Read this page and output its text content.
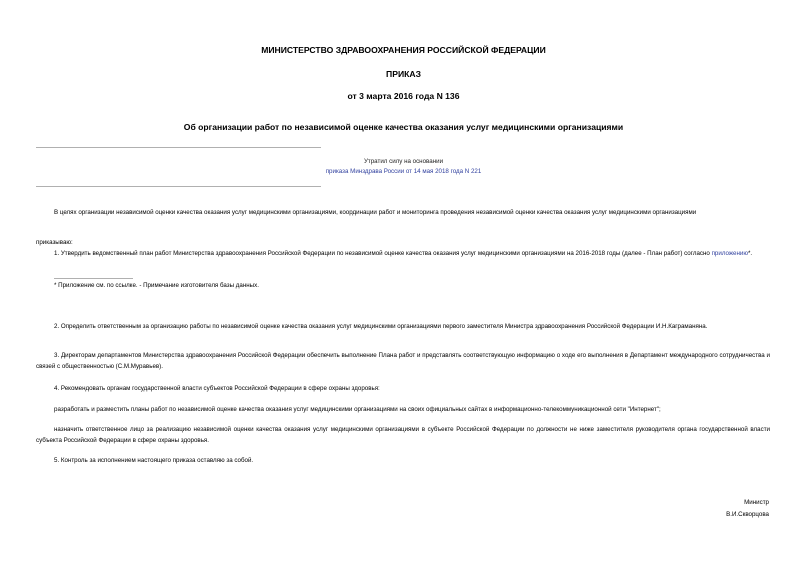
МИНИСТЕРСТВО ЗДРАВООХРАНЕНИЯ РОССИЙСКОЙ ФЕДЕРАЦИИ
ПРИКАЗ
от 3 марта 2016 года N 136
Об организации работ по независимой оценке качества оказания услуг медицинскими организациями
Утратил силу на основании
приказа Минздрава России от 14 мая 2018 года N 221
В целях организации независимой оценки качества оказания услуг медицинскими организациями, координации работ и мониторинга проведения независимой оценки качества оказания услуг медицинскими организациями
приказываю:
1. Утвердить ведомственный план работ Министерства здравоохранения Российской Федерации по независимой оценке качества оказания услуг медицинскими организациями на 2016-2018 годы (далее - План работ) согласно приложению*.
* Приложение см. по ссылке. - Примечание изготовителя базы данных.
2. Определить ответственным за организацию работы по независимой оценке качества оказания услуг медицинскими организациями первого заместителя Министра здравоохранения Российской Федерации И.Н.Каграманяна.
3. Директорам департаментов Министерства здравоохранения Российской Федерации обеспечить выполнение Плана работ и представлять соответствующую информацию о ходе его выполнения в Департамент международного сотрудничества и связей с общественностью (С.М.Муравьев).
4. Рекомендовать органам государственной власти субъектов Российской Федерации в сфере охраны здоровья:
разработать и разместить планы работ по независимой оценке качества оказания услуг медицинскими организациями на своих официальных сайтах в информационно-телекоммуникационной сети "Интернет";
назначить ответственное лицо за реализацию независимой оценки качества оказания услуг медицинскими организациями в субъекте Российской Федерации по должности не ниже заместителя руководителя органа государственной власти субъекта Российской Федерации в сфере охраны здоровья.
5. Контроль за исполнением настоящего приказа оставляю за собой.
Министр
В.И.Скворцова
